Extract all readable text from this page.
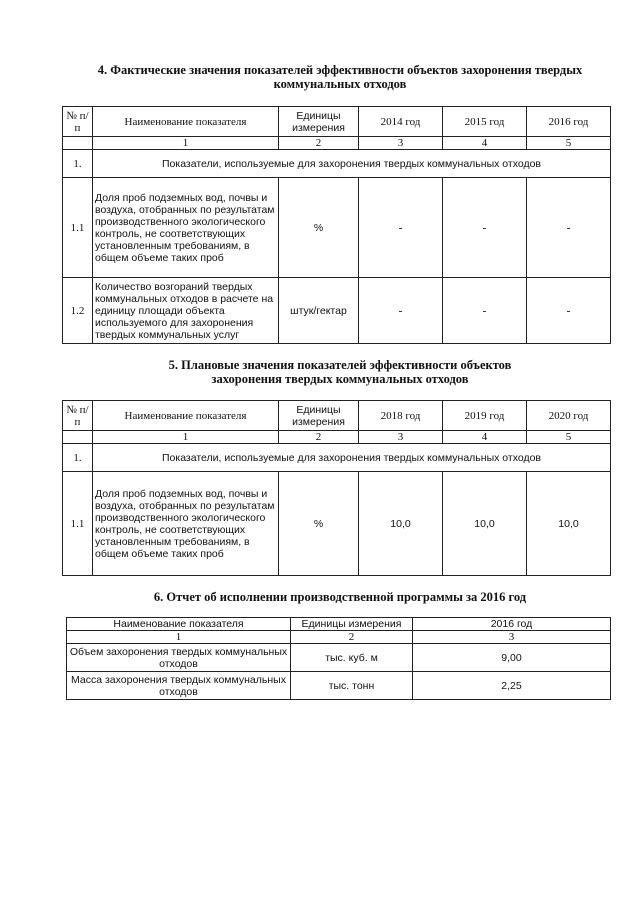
4. Фактические значения показателей эффективности объектов захоронения твердых
коммунальных отходов
№ п/п	Наименование показателя	Единицы измерения	2014 год	2015 год	2016 год
	1	2	3	4	5
1.	Показатели, используемые для захоронения твердых коммунальных отходов				
1.1	Доля проб подземных вод, почвы и воздуха, отобранных по результатам производственного экологического контроль, не соответствующих установленным требованиям, в общем объеме таких проб	%	-	-	-
1.2	Количество возгораний твердых коммунальных отходов в расчете на единицу площади объекта используемого для захоронения твердых коммунальных услуг	штук/гектар	-	-	-
5. Плановые значения показателей эффективности объектов
захоронения твердых коммунальных отходов
№ п/п	Наименование показателя	Единицы измерения	2018 год	2019 год	2020 год
	1	2	3	4	5
1.	Показатели, используемые для захоронения твердых коммунальных отходов				
1.1	Доля проб подземных вод, почвы и воздуха, отобранных по результатам производственного экологического контроль, не соответствующих установленным требованиям, в общем объеме таких проб	%	10,0	10,0	10,0
6. Отчет об исполнении производственной программы за 2016 год
Наименование показателя	Единицы измерения	2016 год
1	2	3
Объем захоронения твердых коммунальных отходов	тыс. куб. м	9,00
Масса захоронения твердых коммунальных отходов	тыс. тонн	2,25
